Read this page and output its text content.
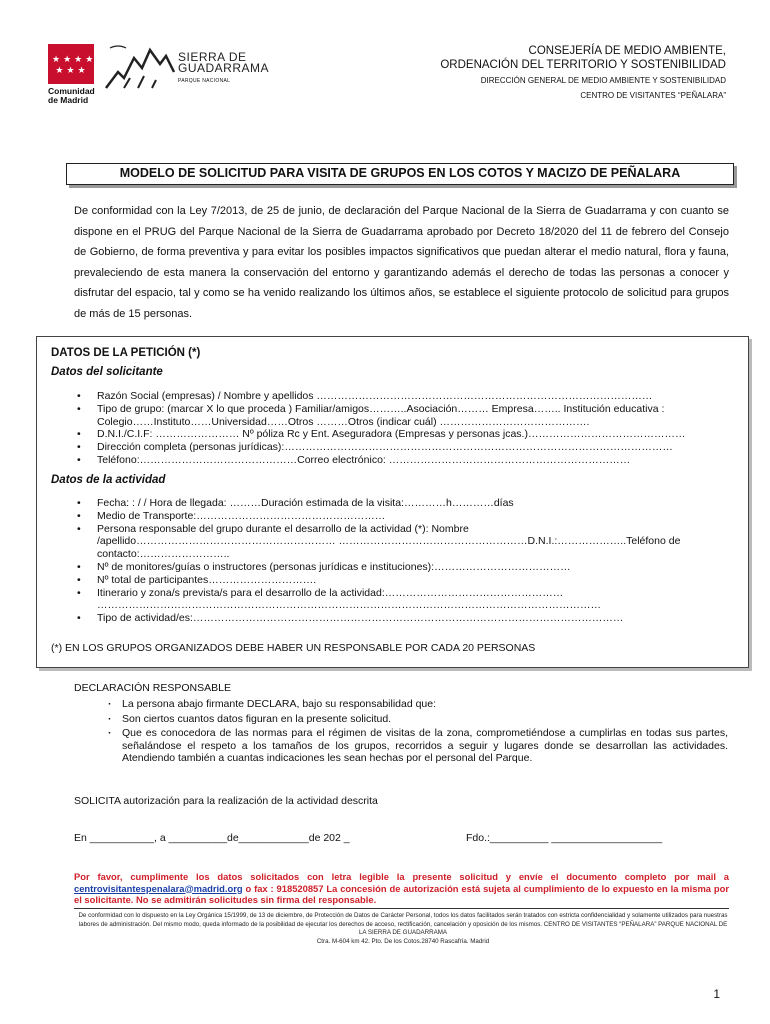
★★★★
★★★
Comunidad de Madrid
SIERRA DE GUADARRAMA
PARQUE NACIONAL
CONSEJERÍA DE MEDIO AMBIENTE,
ORDENACIÓN DEL TERRITORIO Y SOSTENIBILIDAD
DIRECCIÓN GENERAL DE MEDIO AMBIENTE Y SOSTENIBILIDAD
CENTRO DE VISITANTES “PEÑALARA”
MODELO DE SOLICITUD PARA VISITA DE GRUPOS EN LOS COTOS Y MACIZO DE PEÑALARA
De conformidad con la Ley 7/2013, de 25 de junio, de declaración del Parque Nacional de la Sierra de Guadarrama y con cuanto se dispone en el PRUG del Parque Nacional de la Sierra de Guadarrama aprobado por Decreto 18/2020 del 11 de febrero del Consejo de Gobierno, de forma preventiva y para evitar los posibles impactos significativos que puedan alterar el medio natural, flora y fauna, prevaleciendo de esta manera la conservación del entorno y garantizando además el derecho de todas las personas a conocer y disfrutar del espacio, tal y como se ha venido realizando los últimos años, se establece el siguiente protocolo de solicitud para grupos de más de 15 personas.
DATOS DE LA PETICIÓN (*)
Datos del solicitante
• Razón Social (empresas) / Nombre y apellidos ……………………………………………………………………………………
• Tipo de grupo: (marcar X lo que proceda ) Familiar/amigos………..Asociación……… Empresa…….. Institución educativa :
Colegio……Instituto……Universidad……Otros ………Otros (indicar cuál) …………………………………….
• D.N.I./C.I.F: …………………… Nº póliza Rc y Ent. Aseguradora (Empresas y personas jcas.)………………………………………
• Dirección completa (personas jurídicas):…………………………………………………………………………………………………
• Teléfono:………………………………………Correo electrónico: ……………………………………………………………
Datos de la actividad
• Fecha: : / / Hora de llegada: ………Duración estimada de la visita:…………h…………días
• Medio de Transporte:………………………………………………
• Persona responsable del grupo durante el desarrollo de la actividad (*): Nombre
/apellido………………………………………………… ………………………………………………D.N.I.:………………..Teléfono de
contacto:……………………..
• Nº de monitores/guías o instructores (personas jurídicas e instituciones):…………………………………
• Nº total de participantes………………………….
• Itinerario y zona/s prevista/s para el desarrollo de la actividad:……………………………………………
………………………………………………………………………………………………………………………………
• Tipo de actividad/es:……………………………………………………………………………………………………………
(*) EN LOS GRUPOS ORGANIZADOS DEBE HABER UN RESPONSABLE POR CADA 20 PERSONAS
DECLARACIÓN RESPONSABLE
· La persona abajo firmante DECLARA, bajo su responsabilidad que:
· Son ciertos cuantos datos figuran en la presente solicitud.
· Que es conocedora de las normas para el régimen de visitas de la zona, comprometiéndose a cumplirlas en todas sus partes, señalándose el respeto a los tamaños de los grupos, recorridos a seguir y lugares donde se desarrollan las actividades. Atendiendo también a cuantas indicaciones les sean hechas por el personal del Parque.
SOLICITA autorización para la realización de la actividad descrita
En ___________, a __________de____________de 202 _	Fdo.:__________ ___________________
Por favor, cumplimente los datos solicitados con letra legible la presente solicitud y envíe el documento completo por mail a centrovisitantespenalara@madrid.org o fax : 918520857 La concesión de autorización está sujeta al cumplimiento de lo expuesto en la misma por el solicitante. No se admitirán solicitudes sin firma del responsable.
De conformidad con lo dispuesto en la Ley Orgánica 15/1999, de 13 de diciembre, de Protección de Datos de Carácter Personal, todos los datos facilitados serán tratados con estricta confidencialidad y solamente utilizados para nuestras labores de administración. Del mismo modo, queda informado de la posibilidad de ejecutar los derechos de acceso, rectificación, cancelación y oposición de los mismos. CENTRO DE VISITANTES “PEÑALARA” PARQUE NACIONAL DE LA SIERRA DE GUADARRAMA
Ctra. M-604 km 42. Pto. De los Cotos.28740 Rascafría. Madrid
1
